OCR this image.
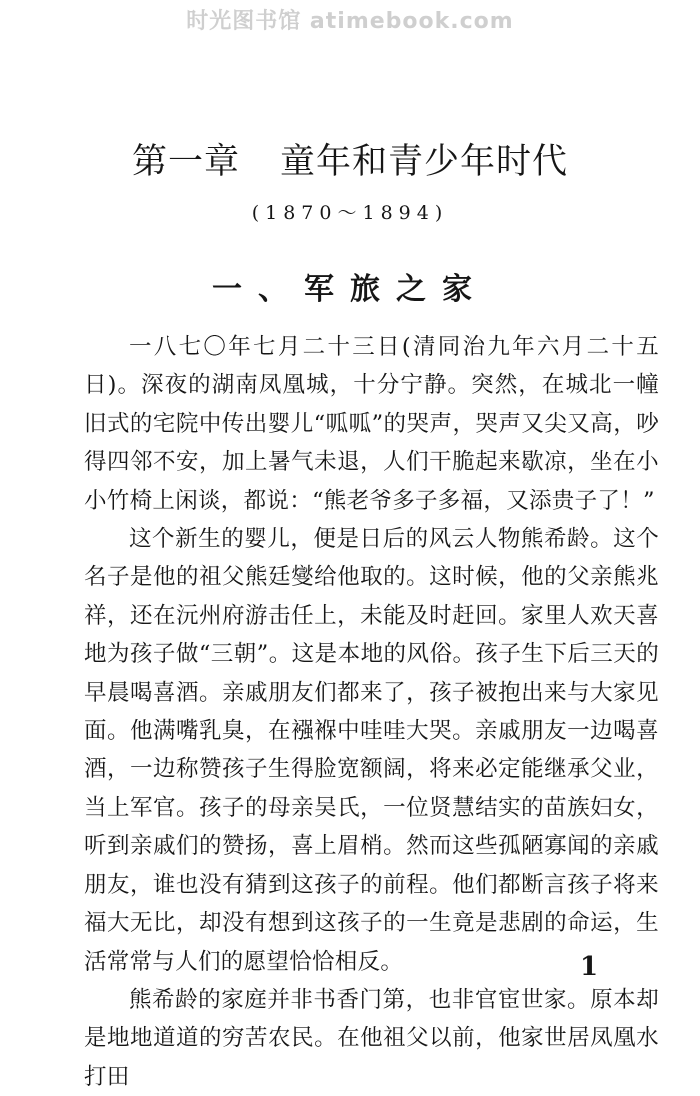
时光图书馆 atimebook.com
第一章 童年和青少年时代
(1870～1894)
一、军旅之家

一八七〇年七月二十三日(清同治九年六月二十五日)。深夜的湖南凤凰城，十分宁静。突然，在城北一幢旧式的宅院中传出婴儿“呱呱”的哭声，哭声又尖又高，吵得四邻不安，加上暑气未退，人们干脆起来歇凉，坐在小小竹椅上闲谈，都说：“熊老爷多子多福，又添贵子了！”

这个新生的婴儿，便是日后的风云人物熊希龄。这个名子是他的祖父熊廷燮给他取的。这时候，他的父亲熊兆祥，还在沅州府游击任上，未能及时赶回。家里人欢天喜地为孩子做“三朝”。这是本地的风俗。孩子生下后三天的早晨喝喜酒。亲戚朋友们都来了，孩子被抱出来与大家见面。他满嘴乳臭，在襁褓中哇哇大哭。亲戚朋友一边喝喜酒，一边称赞孩子生得脸宽额阔，将来必定能继承父业，当上军官。孩子的母亲吴氏，一位贤慧结实的苗族妇女，听到亲戚们的赞扬，喜上眉梢。然而这些孤陋寡闻的亲戚朋友，谁也没有猜到这孩子的前程。他们都断言孩子将来福大无比，却没有想到这孩子的一生竟是悲剧的命运，生活常常与人们的愿望恰恰相反。

熊希龄的家庭并非书香门第，也非官宦世家。原本却是地地道道的穷苦农民。在他祖父以前，他家世居凤凰水打田

1
